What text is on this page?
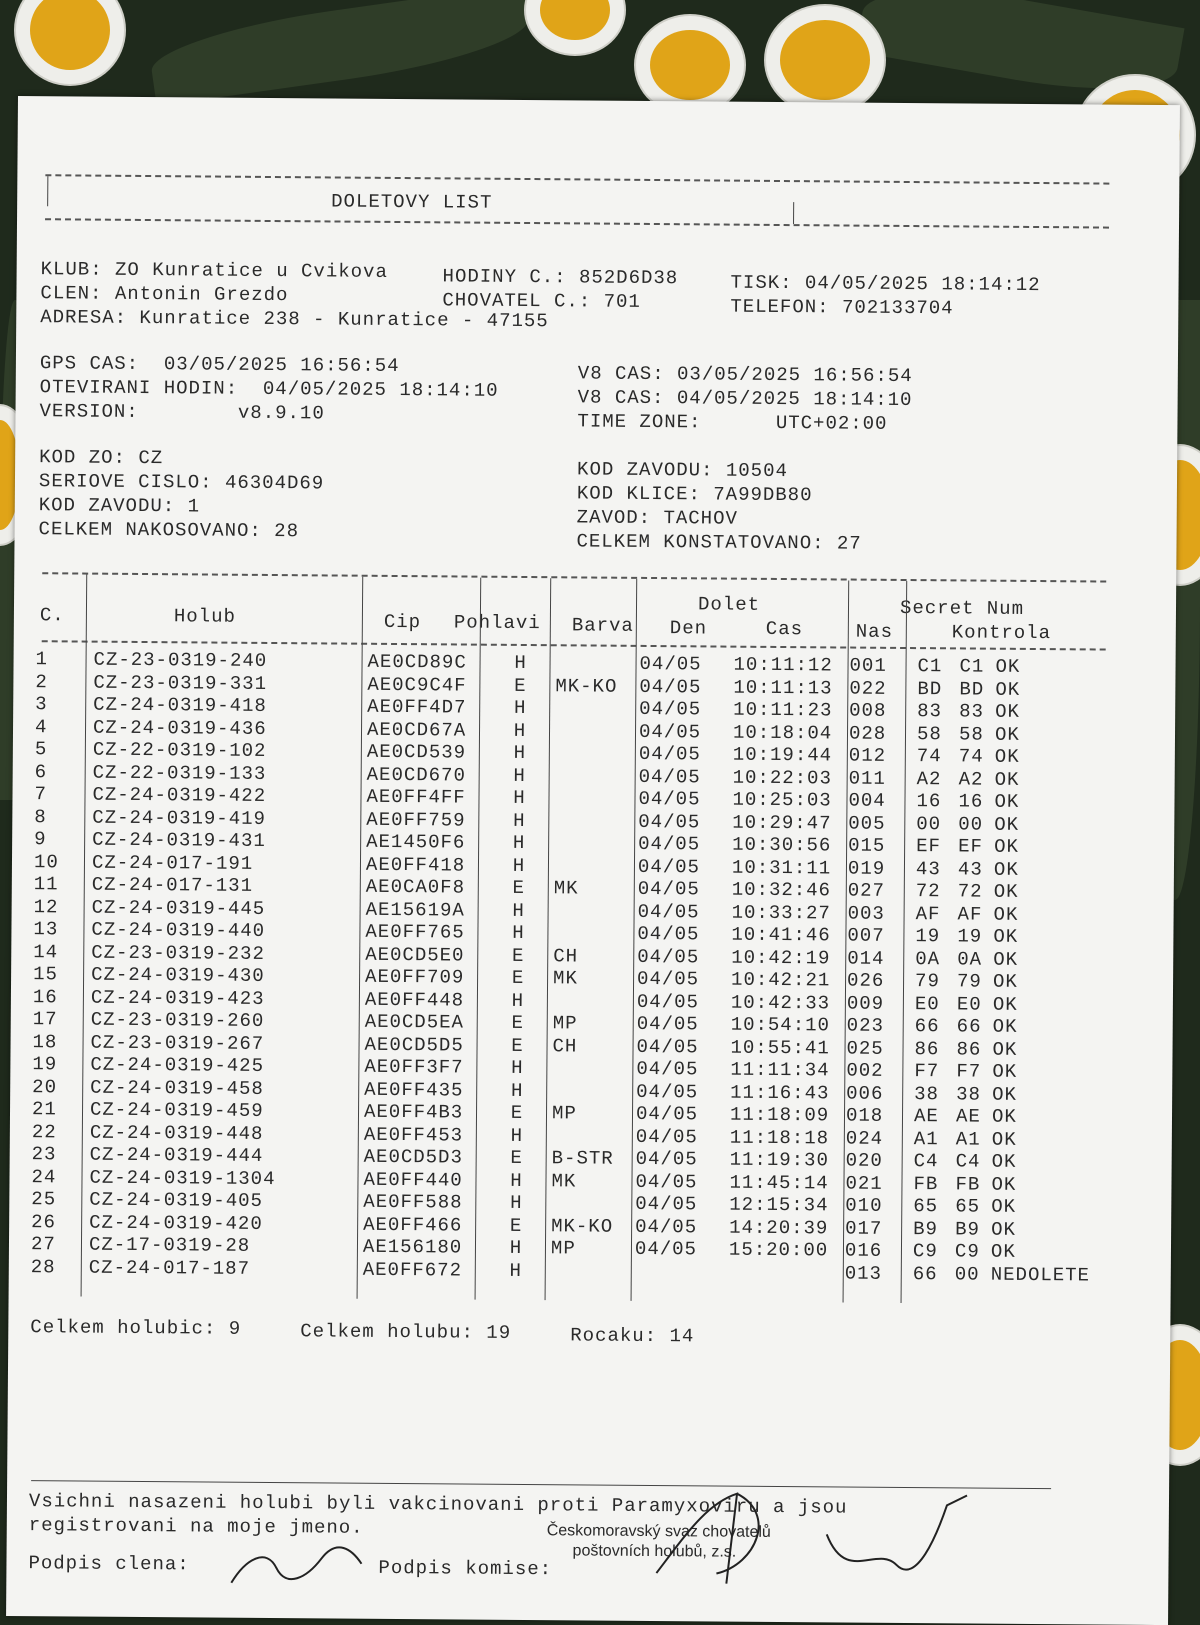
DOLETOVY LIST
KLUB: ZO Kunratice u Cvikova	HODINY C.: 852D6D38	TISK: 04/05/2025 18:14:12
CLEN: Antonin Grezdo	CHOVATEL C.: 701	TELEFON: 702133704
ADRESA: Kunratice 238 - Kunratice - 47155
GPS CAS:  03/05/2025 16:56:54
OTEVIRANI HODIN:  04/05/2025 18:14:10
VERSION:        v8.9.10
V8 CAS: 03/05/2025 16:56:54
V8 CAS: 04/05/2025 18:14:10
TIME ZONE:      UTC+02:00
KOD ZO: CZ
SERIOVE CISLO: 46304D69
KOD ZAVODU: 1
CELKEM NAKOSOVANO: 28
KOD ZAVODU: 10504
KOD KLICE: 7A99DB80
ZAVOD: TACHOV
CELKEM KONSTATOVANO: 27
C.	Holub	Cip Pohlavi Barva
Dolet
Den	Cas	Nas
Secret Num
Kontrola
1	CZ-23-0319-240	AE0CD89C	H		04/05	10:11:12	001	C1	C1	OK
2	CZ-23-0319-331	AE0C9C4F	E	MK-KO	04/05	10:11:13	022	BD	BD	OK
3	CZ-24-0319-418	AE0FF4D7	H		04/05	10:11:23	008	83	83	OK
4	CZ-24-0319-436	AE0CD67A	H		04/05	10:18:04	028	58	58	OK
5	CZ-22-0319-102	AE0CD539	H		04/05	10:19:44	012	74	74	OK
6	CZ-22-0319-133	AE0CD670	H		04/05	10:22:03	011	A2	A2	OK
7	CZ-24-0319-422	AE0FF4FF	H		04/05	10:25:03	004	16	16	OK
8	CZ-24-0319-419	AE0FF759	H		04/05	10:29:47	005	00	00	OK
9	CZ-24-0319-431	AE1450F6	H		04/05	10:30:56	015	EF	EF	OK
10	CZ-24-017-191	AE0FF418	H		04/05	10:31:11	019	43	43	OK
11	CZ-24-017-131	AE0CA0F8	E	MK	04/05	10:32:46	027	72	72	OK
12	CZ-24-0319-445	AE15619A	H		04/05	10:33:27	003	AF	AF	OK
13	CZ-24-0319-440	AE0FF765	H		04/05	10:41:46	007	19	19	OK
14	CZ-23-0319-232	AE0CD5E0	E	CH	04/05	10:42:19	014	0A	0A	OK
15	CZ-24-0319-430	AE0FF709	E	MK	04/05	10:42:21	026	79	79	OK
16	CZ-24-0319-423	AE0FF448	H		04/05	10:42:33	009	E0	E0	OK
17	CZ-23-0319-260	AE0CD5EA	E	MP	04/05	10:54:10	023	66	66	OK
18	CZ-23-0319-267	AE0CD5D5	E	CH	04/05	10:55:41	025	86	86	OK
19	CZ-24-0319-425	AE0FF3F7	H		04/05	11:11:34	002	F7	F7	OK
20	CZ-24-0319-458	AE0FF435	H		04/05	11:16:43	006	38	38	OK
21	CZ-24-0319-459	AE0FF4B3	E	MP	04/05	11:18:09	018	AE	AE	OK
22	CZ-24-0319-448	AE0FF453	H		04/05	11:18:18	024	A1	A1	OK
23	CZ-24-0319-444	AE0CD5D3	E	B-STR	04/05	11:19:30	020	C4	C4	OK
24	CZ-24-0319-1304	AE0FF440	H	MK	04/05	11:45:14	021	FB	FB	OK
25	CZ-24-0319-405	AE0FF588	H		04/05	12:15:34	010	65	65	OK
26	CZ-24-0319-420	AE0FF466	E	MK-KO	04/05	14:20:39	017	B9	B9	OK
27	CZ-17-0319-28	AE156180	H	MP	04/05	15:20:00	016	C9	C9	OK
28	CZ-24-017-187	AE0FF672	H				013	66	00	NEDOLETE
Celkem holubic: 9	Celkem holubu: 19	Rocaku: 14
Vsichni nasazeni holubi byli vakcinovani proti Paramyxoviru a jsou
registrovani na moje jmeno.
Podpis clena:	Podpis komise:
Českomoravský svaz chovatelů
poštovních holubů, z.s.
